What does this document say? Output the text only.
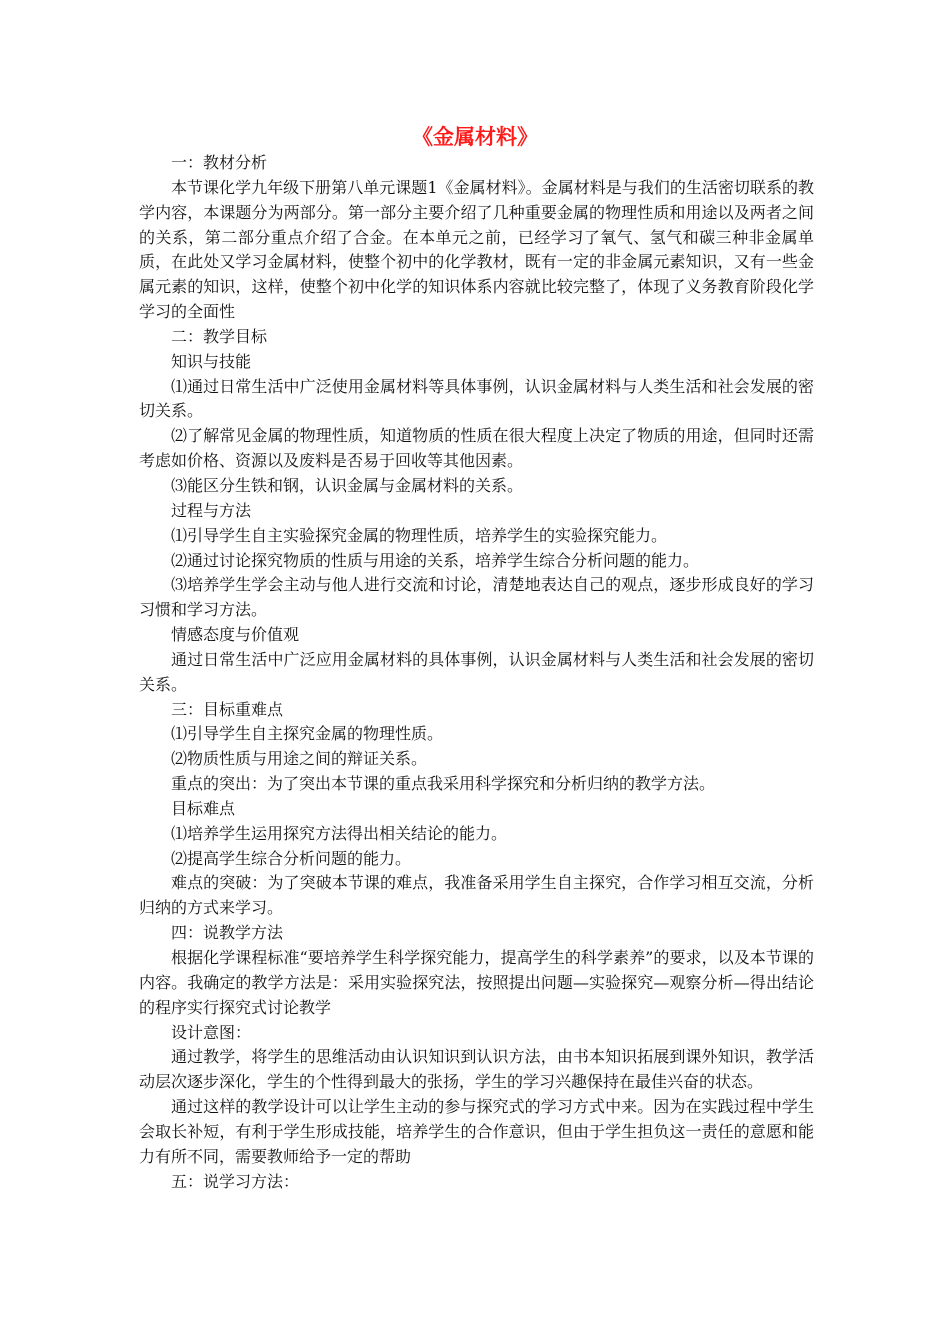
《金属材料》

一：教材分析

本节课化学九年级下册第八单元课题1《金属材料》。金属材料是与我们的生活密切联系的教学内容，本课题分为两部分。第一部分主要介绍了几种重要金属的物理性质和用途以及两者之间的关系，第二部分重点介绍了合金。在本单元之前，已经学习了氧气、氢气和碳三种非金属单质，在此处又学习金属材料，使整个初中的化学教材，既有一定的非金属元素知识，又有一些金属元素的知识，这样，使整个初中化学的知识体系内容就比较完整了，体现了义务教育阶段化学学习的全面性

二：教学目标

知识与技能

⑴通过日常生活中广泛使用金属材料等具体事例，认识金属材料与人类生活和社会发展的密切关系。

⑵了解常见金属的物理性质，知道物质的性质在很大程度上决定了物质的用途，但同时还需考虑如价格、资源以及废料是否易于回收等其他因素。

⑶能区分生铁和钢，认识金属与金属材料的关系。

过程与方法

⑴引导学生自主实验探究金属的物理性质，培养学生的实验探究能力。

⑵通过讨论探究物质的性质与用途的关系，培养学生综合分析问题的能力。

⑶培养学生学会主动与他人进行交流和讨论，清楚地表达自己的观点，逐步形成良好的学习习惯和学习方法。

情感态度与价值观

通过日常生活中广泛应用金属材料的具体事例，认识金属材料与人类生活和社会发展的密切关系。

三：目标重难点

⑴引导学生自主探究金属的物理性质。

⑵物质性质与用途之间的辩证关系。

重点的突出：为了突出本节课的重点我采用科学探究和分析归纳的教学方法。

目标难点

⑴培养学生运用探究方法得出相关结论的能力。

⑵提高学生综合分析问题的能力。

难点的突破：为了突破本节课的难点，我准备采用学生自主探究，合作学习相互交流，分析归纳的方式来学习。

四：说教学方法

根据化学课程标准“要培养学生科学探究能力，提高学生的科学素养”的要求，以及本节课的内容。我确定的教学方法是：采用实验探究法，按照提出问题—实验探究—观察分析—得出结论的程序实行探究式讨论教学

设计意图：

通过教学，将学生的思维活动由认识知识到认识方法，由书本知识拓展到课外知识，教学活动层次逐步深化，学生的个性得到最大的张扬，学生的学习兴趣保持在最佳兴奋的状态。

通过这样的教学设计可以让学生主动的参与探究式的学习方式中来。因为在实践过程中学生会取长补短，有利于学生形成技能，培养学生的合作意识，但由于学生担负这一责任的意愿和能力有所不同，需要教师给予一定的帮助

五：说学习方法：
